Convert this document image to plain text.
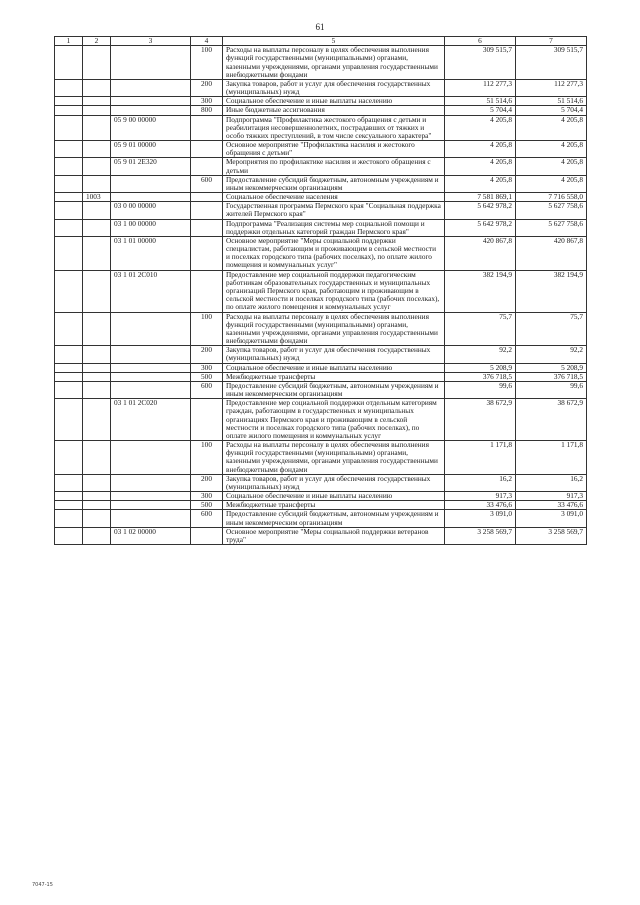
61
1	2	3	4	5	6	7
			100	Расходы на выплаты персоналу в целях обеспечения выполнения функций государственными (муниципальными) органами, казенными учреждениями, органами управления государственными внебюджетными фондами	309 515,7	309 515,7
			200	Закупка товаров, работ и услуг для обеспечения государственных (муниципальных) нужд	112 277,3	112 277,3
			300	Социальное обеспечение и иные выплаты населению	51 514,6	51 514,6
			800	Иные бюджетные ассигнования	5 704,4	5 704,4
		05 9 00 00000		Подпрограмма "Профилактика жестокого обращения с детьми и реабилитация несовершеннолетних, пострадавших от тяжких и особо тяжких преступлений, в том числе сексуального характера"	4 205,8	4 205,8
		05 9 01 00000		Основное мероприятие "Профилактика насилия и жестокого обращения с детьми"	4 205,8	4 205,8
		05 9 01 2Е320		Мероприятия по профилактике насилия и жестокого обращения с детьми	4 205,8	4 205,8
			600	Предоставление субсидий бюджетным, автономным учреждениям и иным некоммерческим организациям	4 205,8	4 205,8
	1003			Социальное обеспечение населения	7 581 869,1	7 716 558,0
		03 0 00 00000		Государственная программа Пермского края "Социальная поддержка жителей Пермского края"	5 642 978,2	5 627 758,6
		03 1 00 00000		Подпрограмма "Реализация системы мер социальной помощи и поддержки отдельных категорий граждан Пермского края"	5 642 978,2	5 627 758,6
		03 1 01 00000		Основное мероприятие "Меры социальной поддержки специалистам, работающим и проживающим в сельской местности и поселках городского типа (рабочих поселках), по оплате жилого помещения и коммунальных услуг"	420 867,8	420 867,8
		03 1 01 2С010		Предоставление мер социальной поддержки педагогическим работникам образовательных государственных и муниципальных организаций Пермского края, работающим и проживающим в сельской местности и поселках городского типа (рабочих поселках), по оплате жилого помещения и коммунальных услуг	382 194,9	382 194,9
			100	Расходы на выплаты персоналу в целях обеспечения выполнения функций государственными (муниципальными) органами, казенными учреждениями, органами управления государственными внебюджетными фондами	75,7	75,7
			200	Закупка товаров, работ и услуг для обеспечения государственных (муниципальных) нужд	92,2	92,2
			300	Социальное обеспечение и иные выплаты населению	5 208,9	5 208,9
			500	Межбюджетные трансферты	376 718,5	376 718,5
			600	Предоставление субсидий бюджетным, автономным учреждениям и иным некоммерческим организациям	99,6	99,6
		03 1 01 2С020		Предоставление мер социальной поддержки отдельным категориям граждан, работающим в государственных и муниципальных организациях Пермского края и проживающим в сельской местности и поселках городского типа (рабочих поселках), по оплате жилого помещения и коммунальных услуг	38 672,9	38 672,9
			100	Расходы на выплаты персоналу в целях обеспечения выполнения функций государственными (муниципальными) органами, казенными учреждениями, органами управления государственными внебюджетными фондами	1 171,8	1 171,8
			200	Закупка товаров, работ и услуг для обеспечения государственных (муниципальных) нужд	16,2	16,2
			300	Социальное обеспечение и иные выплаты населению	917,3	917,3
			500	Межбюджетные трансферты	33 476,6	33 476,6
			600	Предоставление субсидий бюджетным, автономным учреждениям и иным некоммерческим организациям	3 091,0	3 091,0
		03 1 02 00000		Основное мероприятие "Меры социальной поддержки ветеранов труда"	3 258 569,7	3 258 569,7
7047-15
